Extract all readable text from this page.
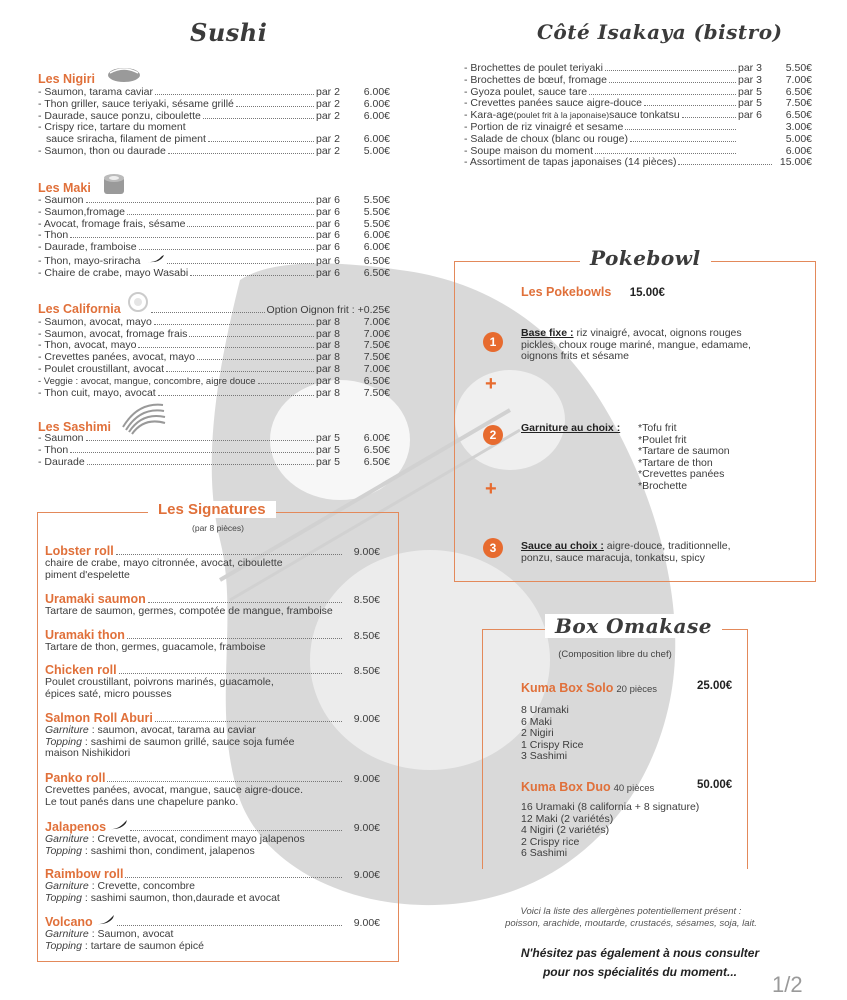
Sushi
Les Nigiri
- Saumon, tarama caviar	par 2	6.00€
- Thon griller, sauce teriyaki, sésame grillé	par 2	6.00€
- Daurade, sauce ponzu, ciboulette	par 2	6.00€
- Crispy rice, tartare du moment
sauce sriracha, filament de piment	par 2	6.00€
- Saumon, thon ou daurade	par 2	5.00€
Les Maki
- Saumon	par 6	5.50€
- Saumon,fromage	par 6	5.50€
- Avocat, fromage frais, sésame	par 6	5.50€
- Thon	par 6	6.00€
- Daurade, framboise	par 6	6.00€
- Thon, mayo-sriracha	par 6	6.50€
- Chaire de crabe, mayo Wasabi	par 6	6.50€
Les California	Option Oignon frit : +0.25€
- Saumon, avocat, mayo	par 8	7.00€
- Saumon, avocat, fromage frais	par 8	7.00€
- Thon, avocat, mayo	par 8	7.50€
- Crevettes panées, avocat, mayo	par 8	7.50€
- Poulet croustillant, avocat	par 8	7.00€
- Veggie : avocat, mangue, concombre, aigre douce	par 8	6.50€
- Thon cuit, mayo, avocat	par 8	7.50€
Les Sashimi
- Saumon	par 5	6.00€
- Thon	par 5	6.50€
- Daurade	par 5	6.50€
Les Signatures
(par 8 pièces)
Lobster roll	9.00€
chaire de crabe, mayo citronnée, avocat, ciboulette
piment d'espelette
Uramaki saumon	8.50€
Tartare de saumon, germes, compotée de mangue, framboise
Uramaki thon	8.50€
Tartare de thon, germes, guacamole, framboise
Chicken roll	8.50€
Poulet croustillant, poivrons marinés, guacamole,
épices saté, micro pousses
Salmon Roll Aburi	9.00€
Garniture : saumon, avocat, tarama au caviar
Topping : sashimi de saumon grillé, sauce soja fumée
maison Nishikidori
Panko roll	9.00€
Crevettes panées, avocat, mangue, sauce aigre-douce.
Le tout panés dans une chapelure panko.
Jalapenos	9.00€
Garniture : Crevette, avocat, condiment mayo jalapenos
Topping : sashimi thon, condiment, jalapenos
Raimbow roll	9.00€
Garniture : Crevette, concombre
Topping : sashimi saumon, thon,daurade et avocat
Volcano	9.00€
Garniture : Saumon, avocat
Topping : tartare de saumon épicé
Côté Isakaya (bistro)
- Brochettes de poulet teriyaki	par 3	5.50€
- Brochettes de bœuf, fromage	par 3	7.00€
- Gyoza poulet, sauce tare	par 5	6.50€
- Crevettes panées sauce aigre-douce	par 5	7.50€
- Kara-age (poulet frit à la japonaise) sauce tonkatsu	par 6	6.50€
- Portion de riz vinaigré et sesame	3.00€
- Salade de choux (blanc ou rouge)	5.00€
- Soupe maison du moment	6.00€
- Assortiment de tapas japonaises (14 pièces)	15.00€
Pokebowl
Les Pokebowls 15.00€
1
Base fixe : riz vinaigré, avocat, oignons rouges
pickles, choux rouge mariné, mangue, edamame,
oignons frits et sésame
+
2	Garniture au choix :	*Tofu frit
*Poulet frit
*Tartare de saumon
*Tartare de thon
*Crevettes panées
*Brochette
+
3	Sauce au choix : aigre-douce, traditionnelle,
ponzu, sauce maracuja, tonkatsu, spicy
Box Omakase
(Composition libre du chef)
Kuma Box Solo 20 pièces	25.00€
8 Uramaki
6 Maki
2 Nigiri
1 Crispy Rice
3 Sashimi
Kuma Box Duo 40 pièces	50.00€
16 Uramaki (8 california + 8 signature)
12 Maki (2 variétés)
4 Nigiri (2 variétés)
2 Crispy rice
6 Sashimi
Voici la liste des allergènes potentiellement présent :
poisson, arachide, moutarde, crustacés, sésames, soja, lait.
N'hésitez pas également à nous consulter
pour nos spécialités du moment...	1/2
